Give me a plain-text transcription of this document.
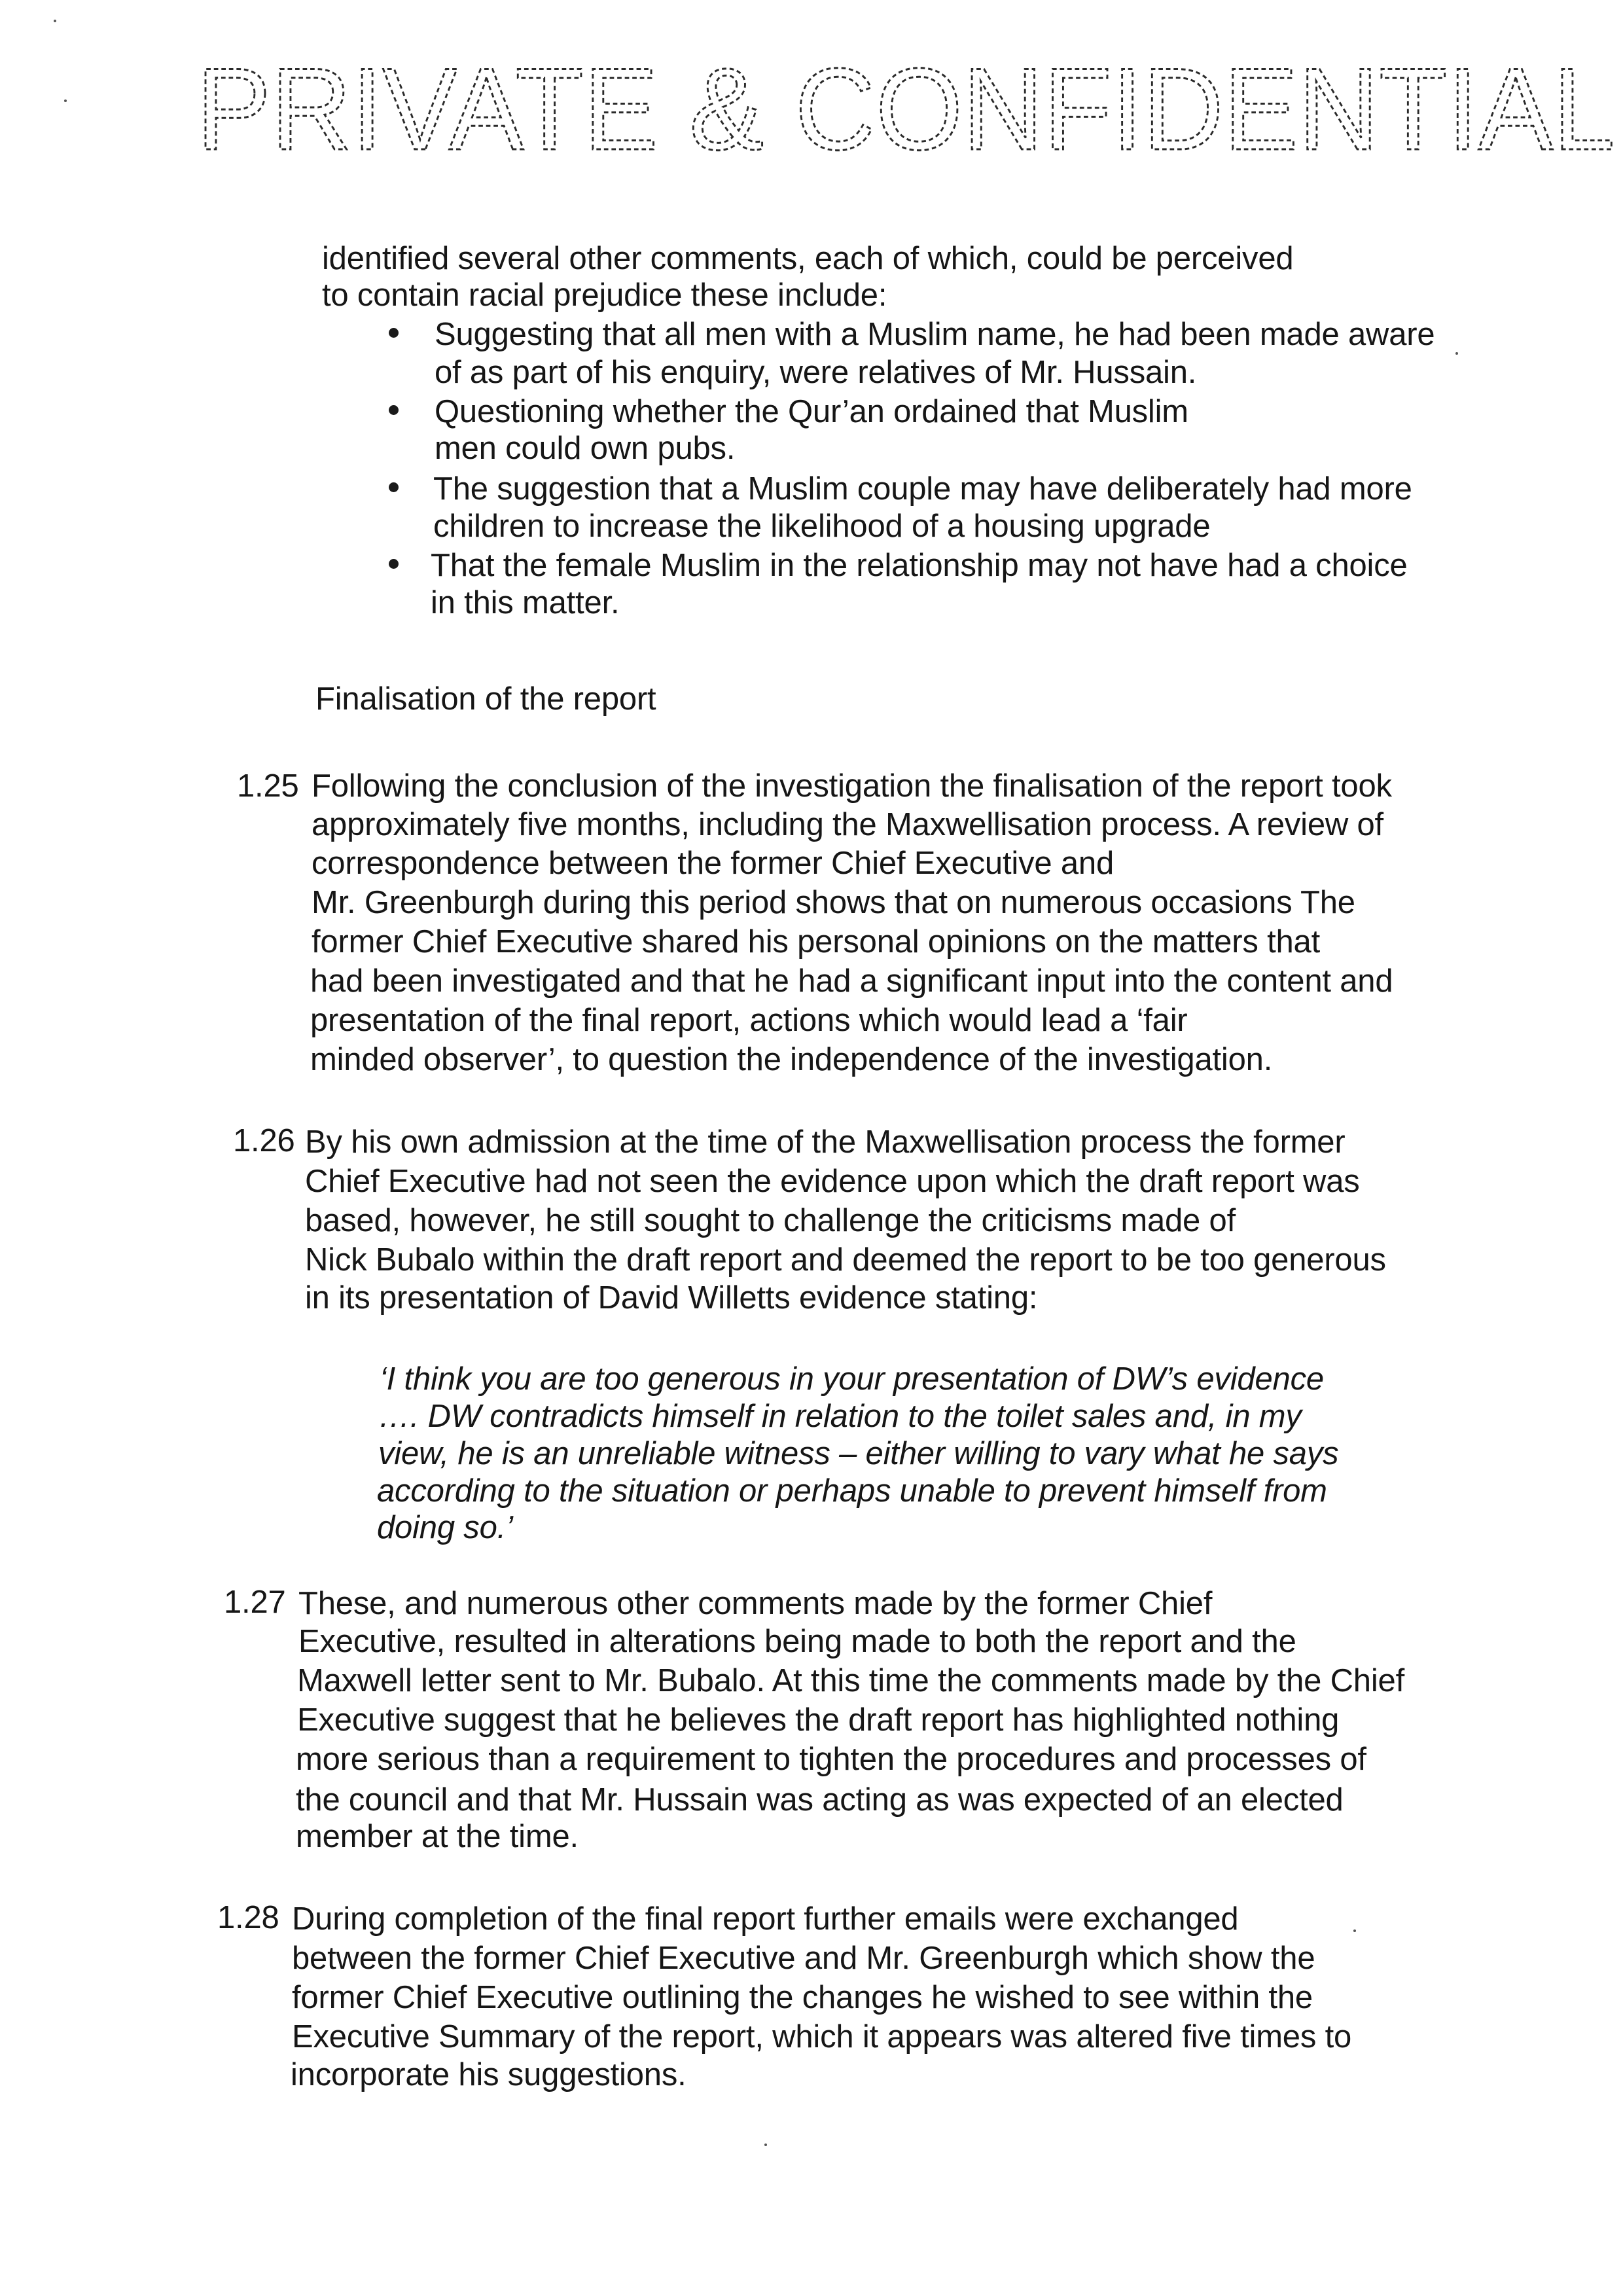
PRIVATE & CONFIDENTIAL
identified several other comments, each of which, could be perceived
to contain racial prejudice these include:
Suggesting that all men with a Muslim name, he had been made aware
of as part of his enquiry, were relatives of Mr. Hussain.
Questioning whether the Qur’an ordained that Muslim
men could own pubs.
The suggestion that a Muslim couple may have deliberately had more
children to increase the likelihood of a housing upgrade
That the female Muslim in the relationship may not have had a choice
in this matter.
Finalisation of the report
1.25 Following the conclusion of the investigation the finalisation of the report took
approximately five months, including the Maxwellisation process. A review of
correspondence between the former Chief Executive and
Mr. Greenburgh during this period shows that on numerous occasions The
former Chief Executive shared his personal opinions on the matters that
had been investigated and that he had a significant input into the content and
presentation of the final report, actions which would lead a ‘fair
minded observer’, to question the independence of the investigation.
1.26 By his own admission at the time of the Maxwellisation process the former
Chief Executive had not seen the evidence upon which the draft report was
based, however, he still sought to challenge the criticisms made of
Nick Bubalo within the draft report and deemed the report to be too generous
in its presentation of David Willetts evidence stating:
‘I think you are too generous in your presentation of DW’s evidence
…. DW contradicts himself in relation to the toilet sales and, in my
view, he is an unreliable witness – either willing to vary what he says
according to the situation or perhaps unable to prevent himself from
doing so.’
1.27 These, and numerous other comments made by the former Chief
Executive, resulted in alterations being made to both the report and the
Maxwell letter sent to Mr. Bubalo. At this time the comments made by the Chief
Executive suggest that he believes the draft report has highlighted nothing
more serious than a requirement to tighten the procedures and processes of
the council and that Mr. Hussain was acting as was expected of an elected
member at the time.
1.28 During completion of the final report further emails were exchanged
between the former Chief Executive and Mr. Greenburgh which show the
former Chief Executive outlining the changes he wished to see within the
Executive Summary of the report, which it appears was altered five times to
incorporate his suggestions.
